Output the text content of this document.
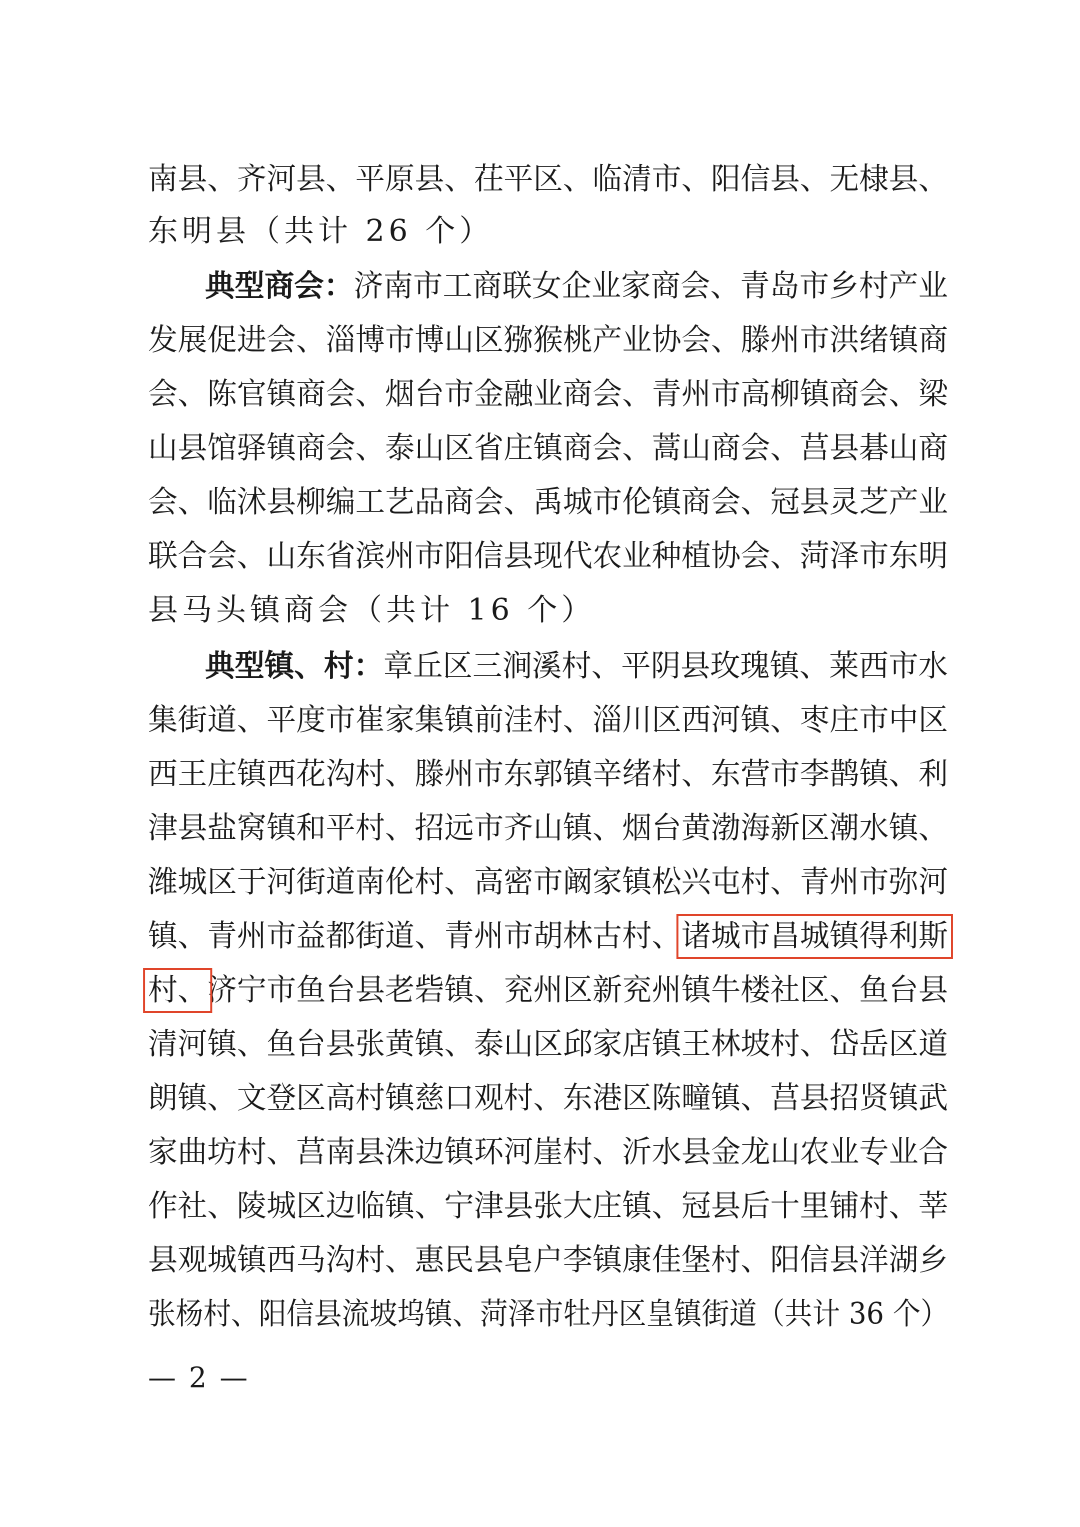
南县、齐河县、平原县、茌平区、临清市、阳信县、无棣县、
东明县（共计 26 个）
典型商会：济南市工商联女企业家商会、青岛市乡村产业
发展促进会、淄博市博山区猕猴桃产业协会、滕州市洪绪镇商
会、陈官镇商会、烟台市金融业商会、青州市高柳镇商会、梁
山县馆驿镇商会、泰山区省庄镇商会、蒿山商会、莒县碁山商
会、临沭县柳编工艺品商会、禹城市伦镇商会、冠县灵芝产业
联合会、山东省滨州市阳信县现代农业种植协会、菏泽市东明
县马头镇商会（共计 16 个）
典型镇、村：章丘区三涧溪村、平阴县玫瑰镇、莱西市水
集街道、平度市崔家集镇前洼村、淄川区西河镇、枣庄市中区
西王庄镇西花沟村、滕州市东郭镇辛绪村、东营市李鹊镇、利
津县盐窝镇和平村、招远市齐山镇、烟台黄渤海新区潮水镇、
潍城区于河街道南伦村、高密市阚家镇松兴屯村、青州市弥河
镇、青州市益都街道、青州市胡林古村、诸城市昌城镇得利斯
村、济宁市鱼台县老砦镇、兖州区新兖州镇牛楼社区、鱼台县
清河镇、鱼台县张黄镇、泰山区邱家店镇王林坡村、岱岳区道
朗镇、文登区高村镇慈口观村、东港区陈疃镇、莒县招贤镇武
家曲坊村、莒南县洙边镇环河崖村、沂水县金龙山农业专业合
作社、陵城区边临镇、宁津县张大庄镇、冠县后十里铺村、莘
县观城镇西马沟村、惠民县皂户李镇康佳堡村、阳信县洋湖乡
张杨村、阳信县流坡坞镇、菏泽市牡丹区皇镇街道（共计 36 个）
— 2 —
